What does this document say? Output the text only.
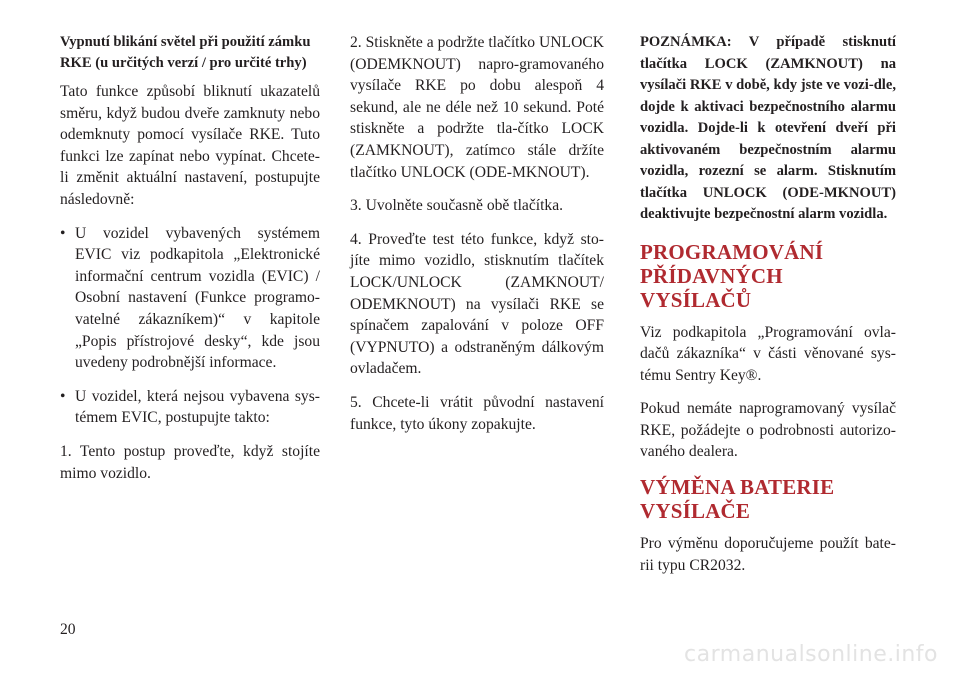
Vypnutí blikání světel při použití zámku RKE (u určitých verzí / pro určité trhy)

Tato funkce způsobí bliknutí ukazatelů směru, když budou dveře zamknuty nebo odemknuty pomocí vysílače RKE. Tuto funkci lze zapínat nebo vypínat. Chcete-li změnit aktuální nastavení, postupujte následovně:

• U vozidel vybavených systémem EVIC viz podkapitola „Elektronické informační centrum vozidla (EVIC) / Osobní nastavení (Funkce programo-vatelné zákazníkem)“ v kapitole „Popis přístrojové desky“, kde jsou uvedeny podrobnější informace.

• U vozidel, která nejsou vybavena sys-témem EVIC, postupujte takto:

1. Tento postup proveďte, když stojíte mimo vozidlo.

2. Stiskněte a podržte tlačítko UNLOCK (ODEMKNOUT) napro-gramovaného vysílače RKE po dobu alespoň 4 sekund, ale ne déle než 10 sekund. Poté stiskněte a podržte tla-čítko LOCK (ZAMKNOUT), zatímco stále držíte tlačítko UNLOCK (ODE-MKNOUT).

3. Uvolněte současně obě tlačítka.

4. Proveďte test této funkce, když sto-jíte mimo vozidlo, stisknutím tlačítek LOCK/UNLOCK (ZAMKNOUT/ ODEMKNOUT) na vysílači RKE se spínačem zapalování v poloze OFF (VYPNUTO) a odstraněným dálkovým ovladačem.

5. Chcete-li vrátit původní nastavení funkce, tyto úkony zopakujte.

POZNÁMKA: V případě stisknutí tlačítka LOCK (ZAMKNOUT) na vysílači RKE v době, kdy jste ve vozi-dle, dojde k aktivaci bezpečnostního alarmu vozidla. Dojde-li k otevření dveří při aktivovaném bezpečnostním alarmu vozidla, rozezní se alarm. Stisknutím tlačítka UNLOCK (ODE-MKNOUT) deaktivujte bezpečnostní alarm vozidla.

PROGRAMOVÁNÍ
PŘÍDAVNÝCH VYSÍLAČŮ

Viz podkapitola „Programování ovla-dačů zákazníka“ v části věnované sys-tému Sentry Key®.

Pokud nemáte naprogramovaný vysílač RKE, požádejte o podrobnosti autorizo-vaného dealera.

VÝMĚNA BATERIE
VYSÍLAČE

Pro výměnu doporučujeme použít bate-rii typu CR2032.

20
carmanualsonline.info
